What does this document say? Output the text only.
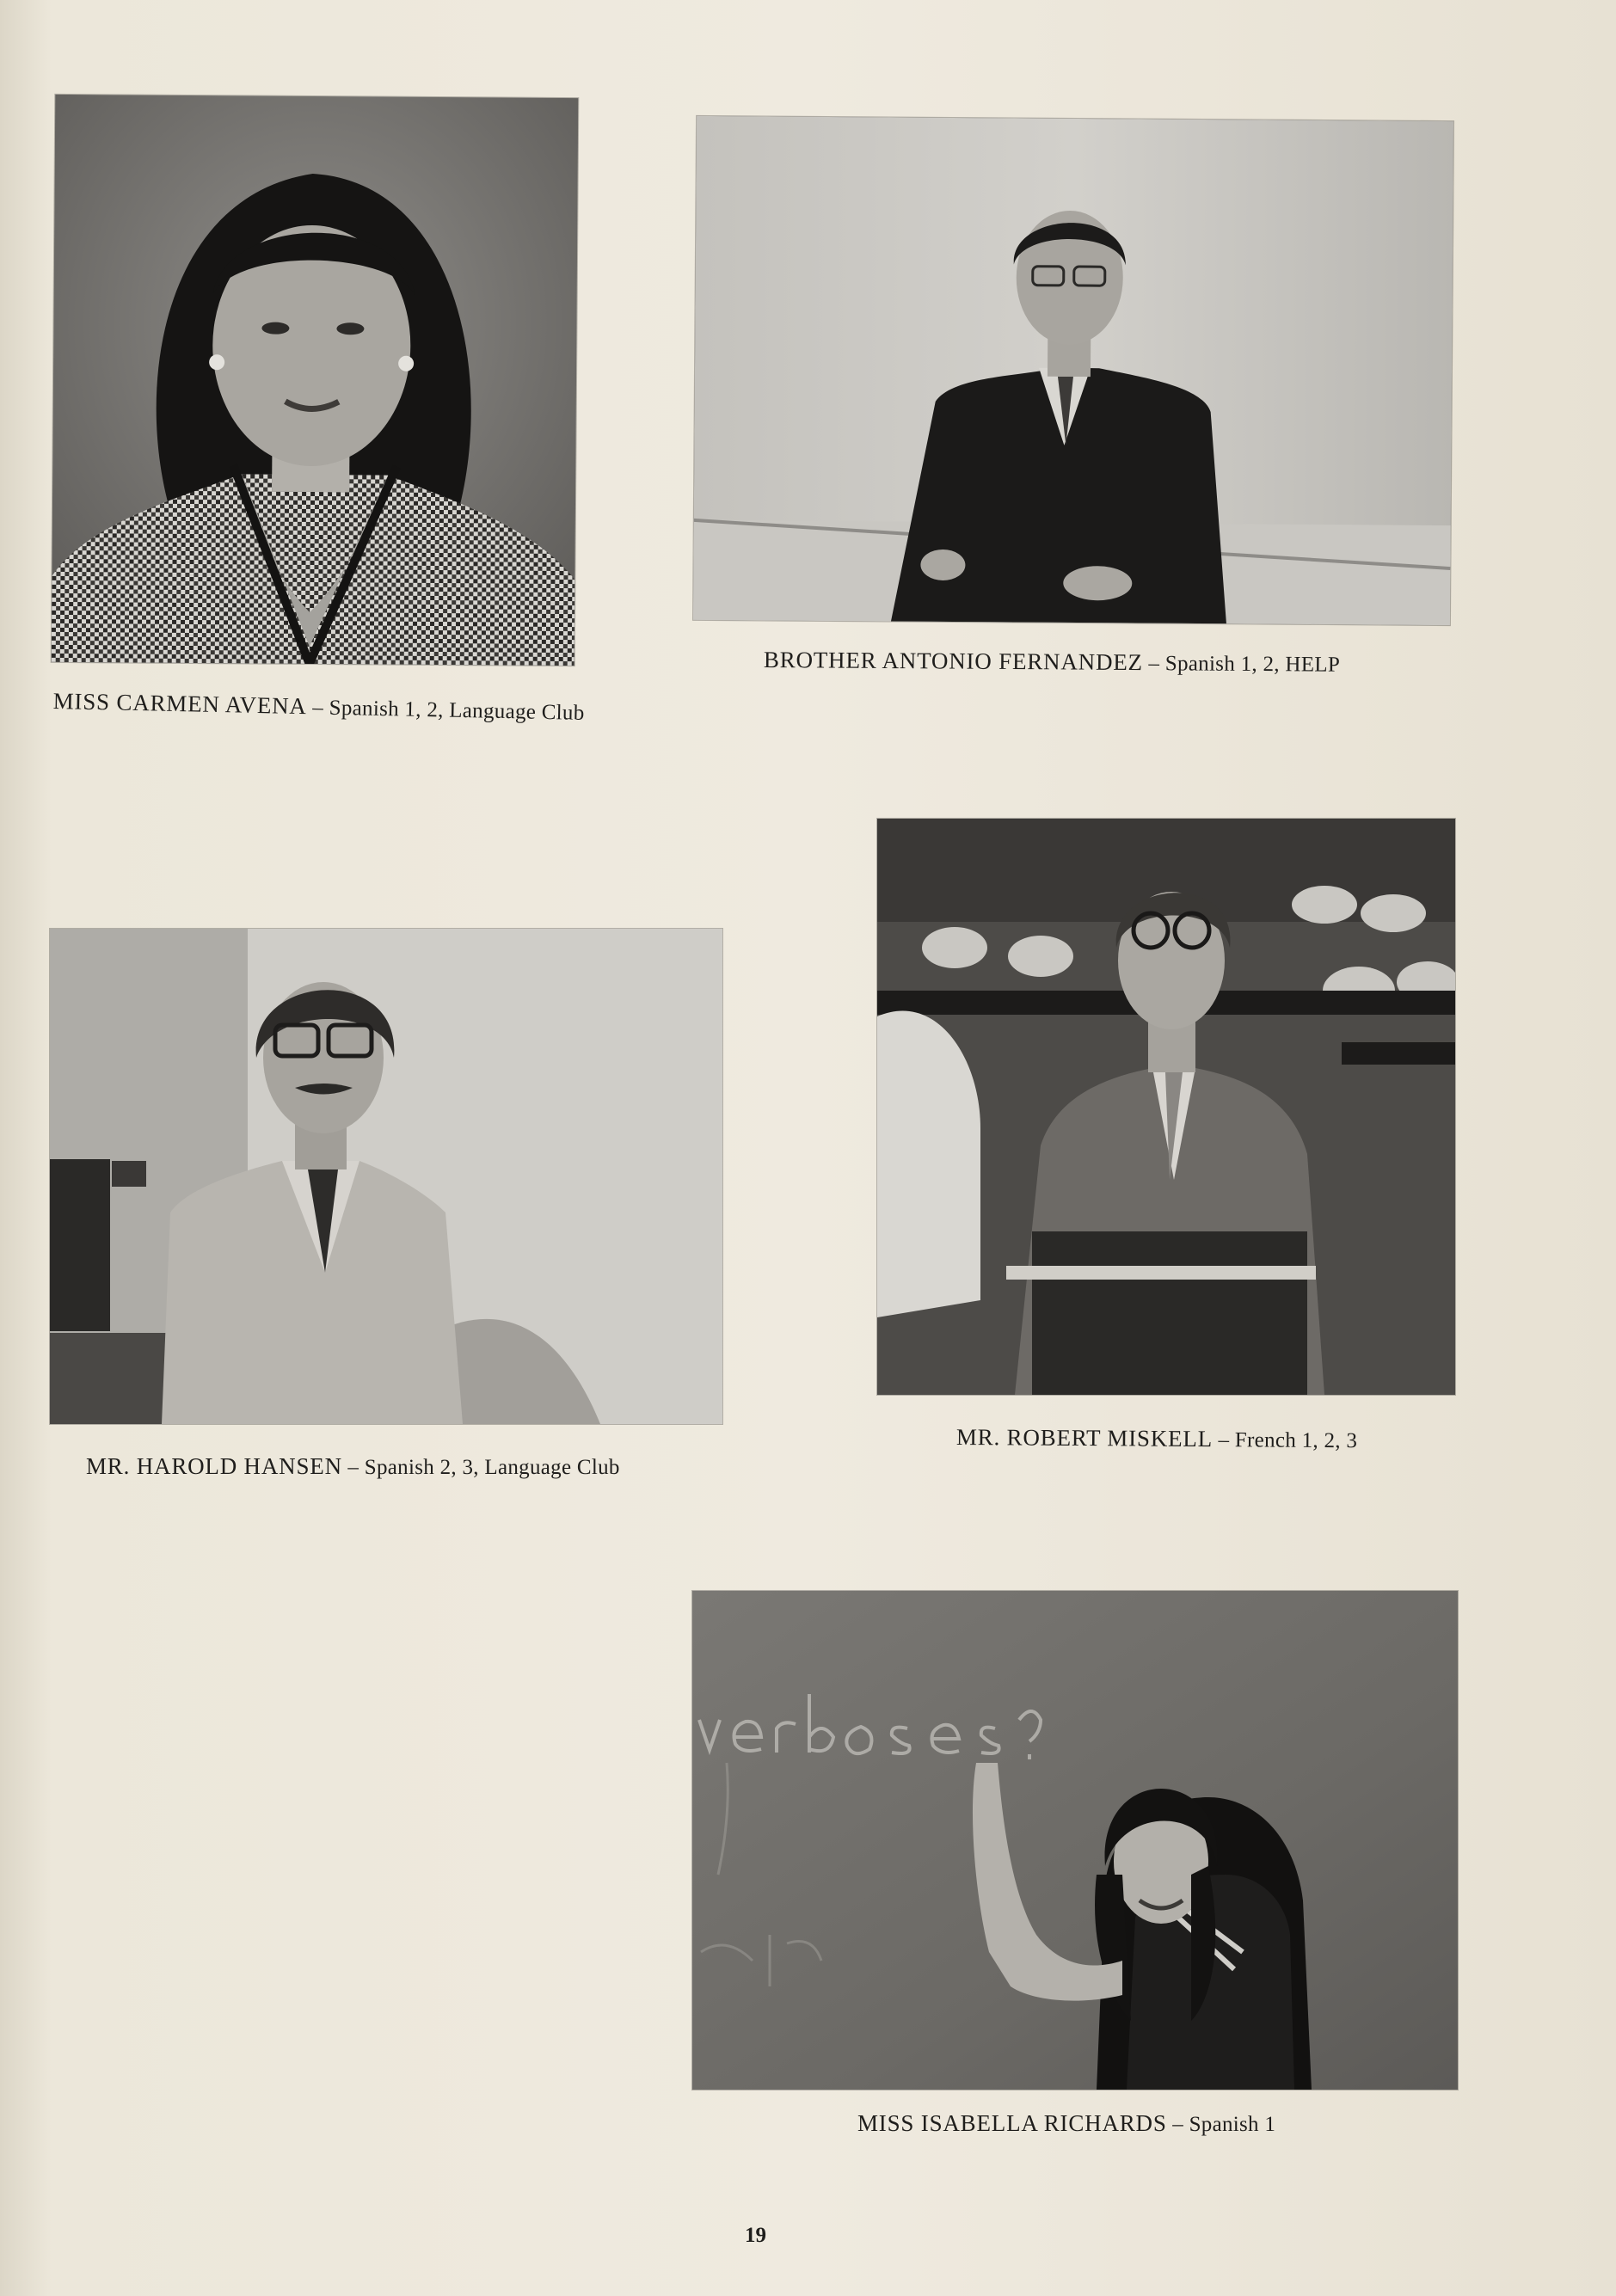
MISS CARMEN AVENA – Spanish 1, 2, Language Club
BROTHER ANTONIO FERNANDEZ – Spanish 1, 2, HELP
MR. HAROLD HANSEN – Spanish 2, 3, Language Club
MR. ROBERT MISKELL – French 1, 2, 3
MISS ISABELLA RICHARDS – Spanish 1
19
